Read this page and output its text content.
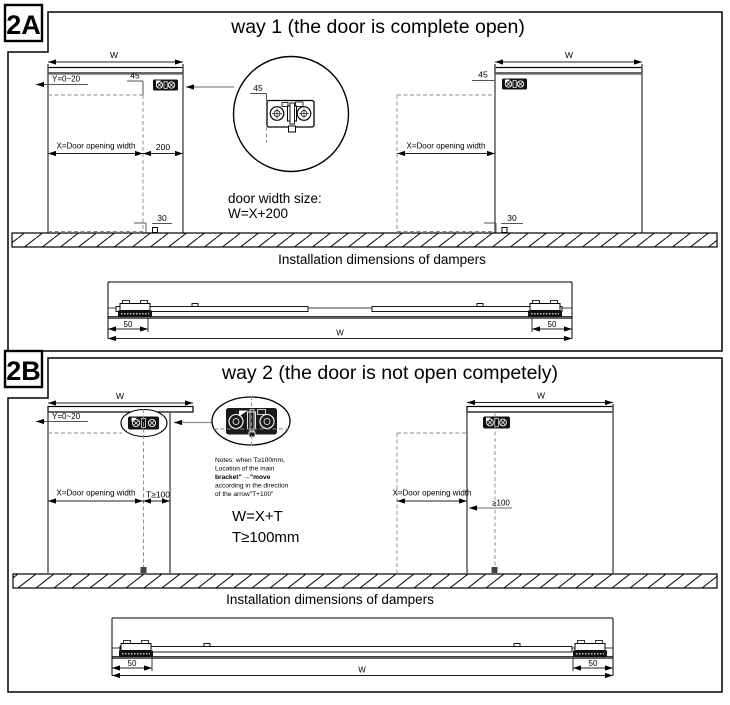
2A	way 1 (the door is complete open)
W
Y=0~20	45
X=Door opening width 200
30
45
door width size:
W=X+200
W
45
X=Door opening width
30
Installation dimensions of dampers
50	50
W
2B	way 2 (the door is not open competely)
W
Y=0~20
X=Door opening width T≥100
Notes: when T≥100mm,
Location of the main
bracket" →"move
according in the direction
of the arrow"T+100"
W=X+T
T≥100mm
W
X=Door opening width
≥100
Installation dimensions of dampers
50	50
W
